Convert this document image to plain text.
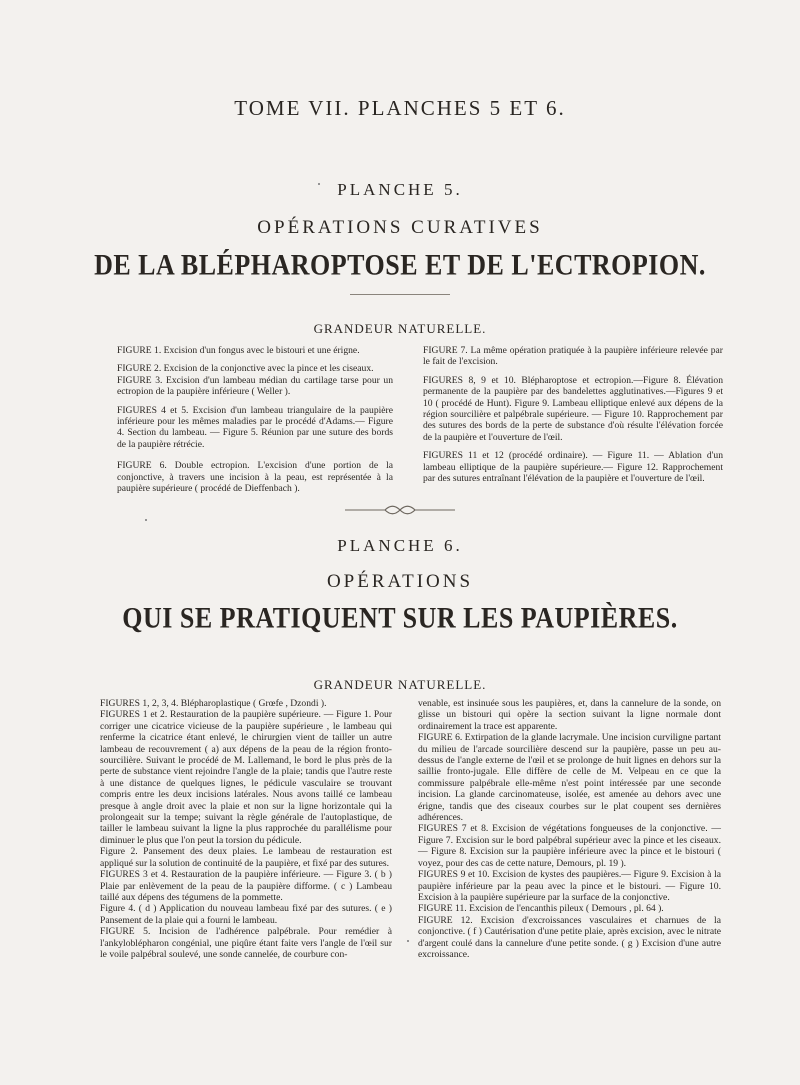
TOME VII. PLANCHES 5 ET 6.
PLANCHE 5.
OPÉRATIONS CURATIVES
DE LA BLÉPHAROPTOSE ET DE L'ECTROPION.
GRANDEUR NATURELLE.

FIGURE 1. Excision d'un fongus avec le bistouri et une érigne.

FIGURE 2. Excision de la conjonctive avec la pince et les ciseaux.

FIGURE 3. Excision d'un lambeau médian du cartilage tarse pour un ectropion de la paupière inférieure ( Weller ).

FIGURES 4 et 5. Excision d'un lambeau triangulaire de la paupière inférieure pour les mêmes maladies par le procédé d'Adams.— Figure 4. Section du lambeau. — Figure 5. Réunion par une suture des bords de la paupière rétrécie.

FIGURE 6. Double ectropion. L'excision d'une portion de la conjonctive, à travers une incision à la peau, est représentée à la paupière supérieure ( procédé de Dieffenbach ).

FIGURE 7. La même opération pratiquée à la paupière inférieure relevée par le fait de l'excision.

FIGURES 8, 9 et 10. Blépharoptose et ectropion.—Figure 8. Élévation permanente de la paupière par des bandelettes agglutinatives.—Figures 9 et 10 ( procédé de Hunt). Figure 9. Lambeau elliptique enlevé aux dépens de la région sourcilière et palpébrale supérieure. — Figure 10. Rapprochement par des sutures des bords de la perte de substance d'où résulte l'élévation forcée de la paupière et l'ouverture de l'œil.

FIGURES 11 et 12 (procédé ordinaire). — Figure 11. — Ablation d'un lambeau elliptique de la paupière supérieure.— Figure 12. Rapprochement par des sutures entraînant l'élévation de la paupière et l'ouverture de l'œil.

PLANCHE 6.
OPÉRATIONS
QUI SE PRATIQUENT SUR LES PAUPIÈRES.
GRANDEUR NATURELLE.

FIGURES 1, 2, 3, 4. Blépharoplastique ( Grœfe , Dzondi ).

FIGURES 1 et 2. Restauration de la paupière supérieure. — Figure 1. Pour corriger une cicatrice vicieuse de la paupière supérieure , le lambeau qui renferme la cicatrice étant enlevé, le chirurgien vient de tailler un autre lambeau de recouvrement ( a) aux dépens de la peau de la région fronto-sourcilière. Suivant le procédé de M. Lallemand, le bord le plus près de la perte de substance vient rejoindre l'angle de la plaie; tandis que l'autre reste à une distance de quelques lignes, le pédicule vasculaire se trouvant compris entre les deux incisions latérales. Nous avons taillé ce lambeau presque à angle droit avec la plaie et non sur la ligne horizontale qui la prolongeait sur la tempe; suivant la règle générale de l'autoplastique, de tailler le lambeau suivant la ligne la plus rapprochée du parallélisme pour diminuer le plus que l'on peut la torsion du pédicule.

Figure 2. Pansement des deux plaies. Le lambeau de restauration est appliqué sur la solution de continuité de la paupière, et fixé par des sutures.

FIGURES 3 et 4. Restauration de la paupière inférieure. — Figure 3. ( b ) Plaie par enlèvement de la peau de la paupière difforme. ( c ) Lambeau taillé aux dépens des tégumens de la pommette.

Figure 4. ( d ) Application du nouveau lambeau fixé par des sutures. ( e ) Pansement de la plaie qui a fourni le lambeau.

FIGURE 5. Incision de l'adhérence palpébrale. Pour remédier à l'ankyloblépharon congénial, une piqûre étant faite vers l'angle de l'œil sur le voile palpébral soulevé, une sonde cannelée, de courbure con-

venable, est insinuée sous les paupières, et, dans la cannelure de la sonde, on glisse un bistouri qui opère la section suivant la ligne normale dont ordinairement la trace est apparente.

FIGURE 6. Extirpation de la glande lacrymale. Une incision curviligne partant du milieu de l'arcade sourcilière descend sur la paupière, passe un peu au-dessus de l'angle externe de l'œil et se prolonge de huit lignes en dehors sur la saillie fronto-jugale. Elle diffère de celle de M. Velpeau en ce que la commissure palpébrale elle-même n'est point intéressée par une seconde incision. La glande carcinomateuse, isolée, est amenée au dehors avec une érigne, tandis que des ciseaux courbes sur le plat coupent ses dernières adhérences.

FIGURES 7 et 8. Excision de végétations fongueuses de la conjonctive. — Figure 7. Excision sur le bord palpébral supérieur avec la pince et les ciseaux. — Figure 8. Excision sur la paupière inférieure avec la pince et le bistouri ( voyez, pour des cas de cette nature, Demours, pl. 19 ).

FIGURES 9 et 10. Excision de kystes des paupières.— Figure 9. Excision à la paupière inférieure par la peau avec la pince et le bistouri. — Figure 10. Excision à la paupière supérieure par la surface de la conjonctive.

FIGURE 11. Excision de l'encanthis pileux ( Demours , pl. 64 ).

FIGURE 12. Excision d'excroissances vasculaires et charnues de la conjonctive. ( f ) Cautérisation d'une petite plaie, après excision, avec le nitrate d'argent coulé dans la cannelure d'une petite sonde. ( g ) Excision d'une autre excroissance.
